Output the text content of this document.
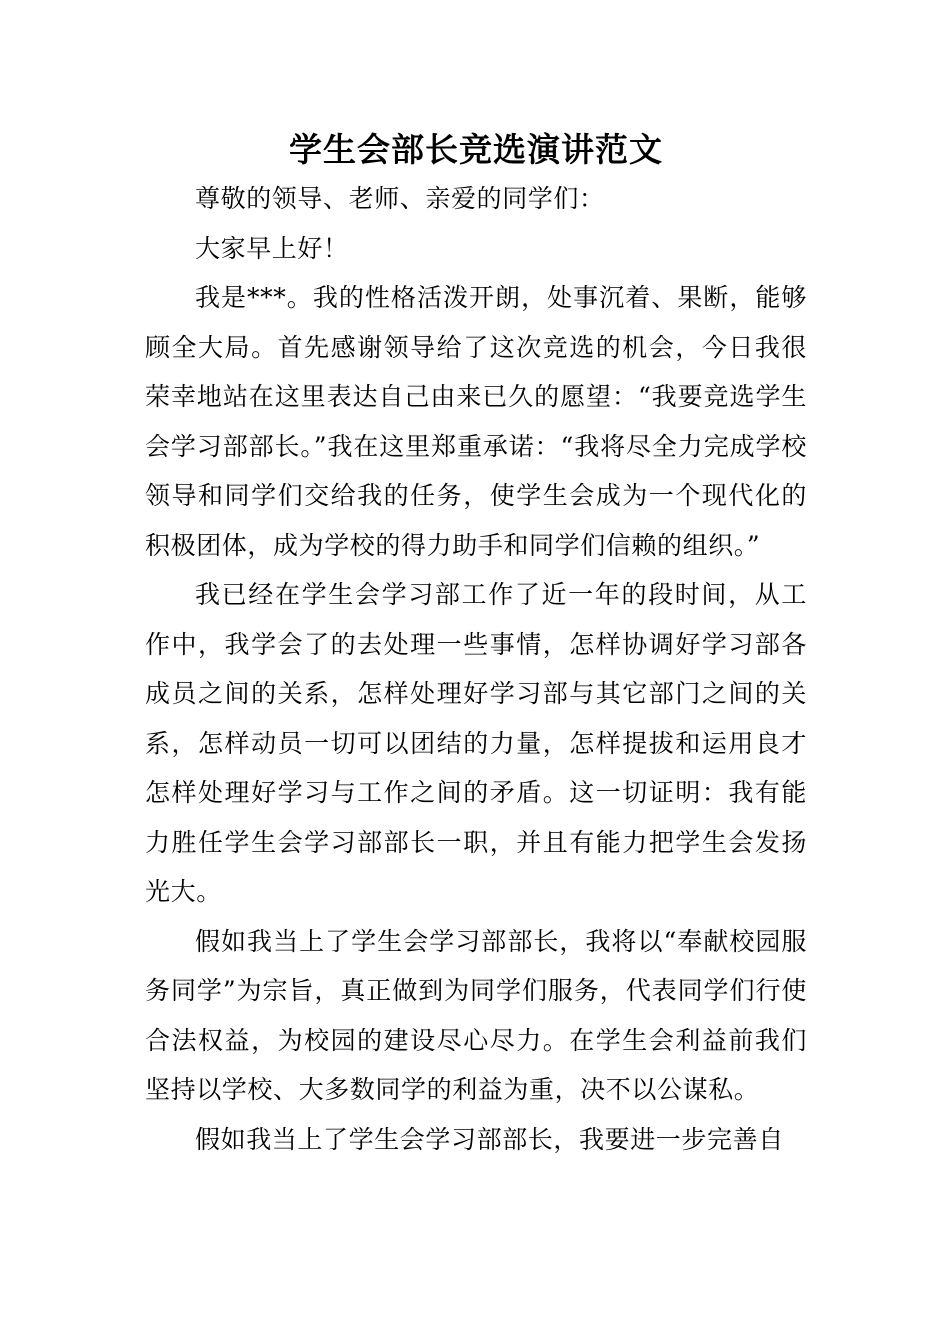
学生会部长竞选演讲范文

尊敬的领导、老师、亲爱的同学们：

大家早上好！

我是***。我的性格活泼开朗，处事沉着、果断，能够顾全大局。首先感谢领导给了这次竞选的机会，今日我很荣幸地站在这里表达自己由来已久的愿望：“我要竞选学生会学习部部长。”我在这里郑重承诺：“我将尽全力完成学校领导和同学们交给我的任务，使学生会成为一个现代化的积极团体，成为学校的得力助手和同学们信赖的组织。”

我已经在学生会学习部工作了近一年的段时间，从工作中，我学会了的去处理一些事情，怎样协调好学习部各成员之间的关系，怎样处理好学习部与其它部门之间的关系，怎样动员一切可以团结的力量，怎样提拔和运用良才怎样处理好学习与工作之间的矛盾。这一切证明：我有能力胜任学生会学习部部长一职，并且有能力把学生会发扬光大。

假如我当上了学生会学习部部长，我将以“奉献校园服务同学”为宗旨，真正做到为同学们服务，代表同学们行使合法权益，为校园的建设尽心尽力。在学生会利益前我们坚持以学校、大多数同学的利益为重，决不以公谋私。

假如我当上了学生会学习部部长，我要进一步完善自
